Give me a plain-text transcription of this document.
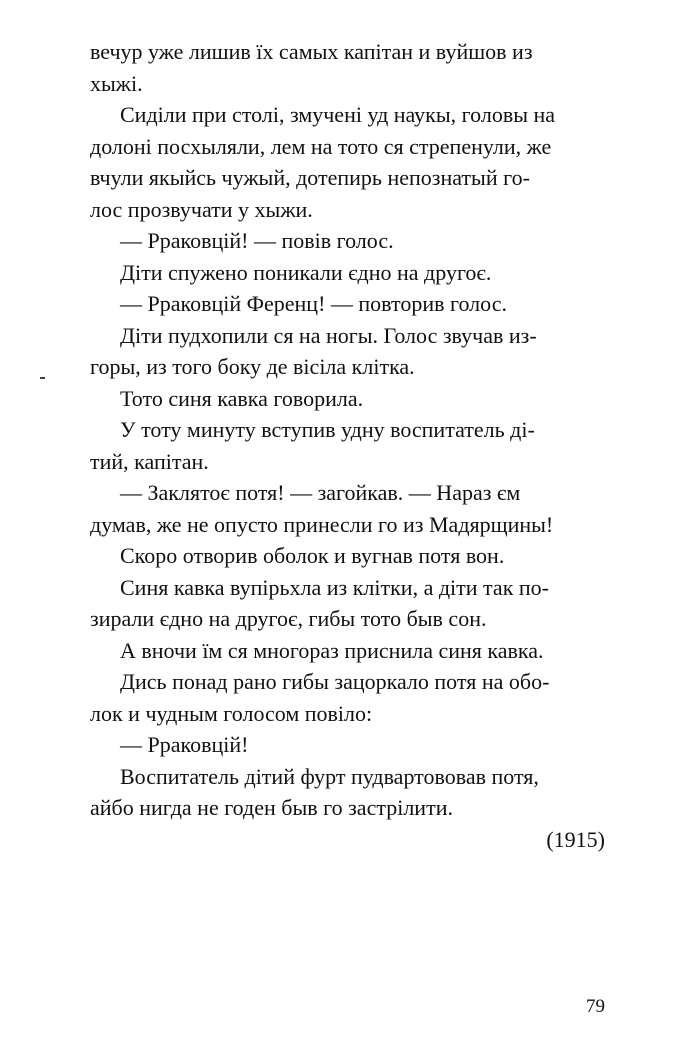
вечур уже лишив їх самых капітан и вуйшов из
хыжі.
Сиділи при столі, змучені уд наукы, головы на
долоні посхыляли, лем на тото ся стрепенули, же
вчули якыйсь чужый, дотепирь непознатый го-
лос прозвучати у хыжи.
— Рраковцій! — повів голос.
Діти спужено поникали єдно на другоє.
— Рраковцій Ференц! — повторив голос.
Діти пудхопили ся на ногы. Голос звучав из-
горы, из того боку де вісіла клітка.
Тото синя кавка говорила.
У тоту минуту вступив удну воспитатель ді-
тий, капітан.
— Заклятоє потя! — загойкав. — Нараз єм
думав, же не опусто принесли го из Мадярщины!
Скоро отворив оболок и вугнав потя вон.
Синя кавка вупірьхла из клітки, а діти так по-
зирали єдно на другоє, гибы тото быв сон.
А вночи їм ся многораз приснила синя кавка.
Дись понад рано гибы зацоркало потя на обо-
лок и чудным голосом повіло:
— Рраковцій!
Воспитатель дітий фурт пудвартововав потя,
айбо нигда не годен быв го застрілити.
(1915)
79
